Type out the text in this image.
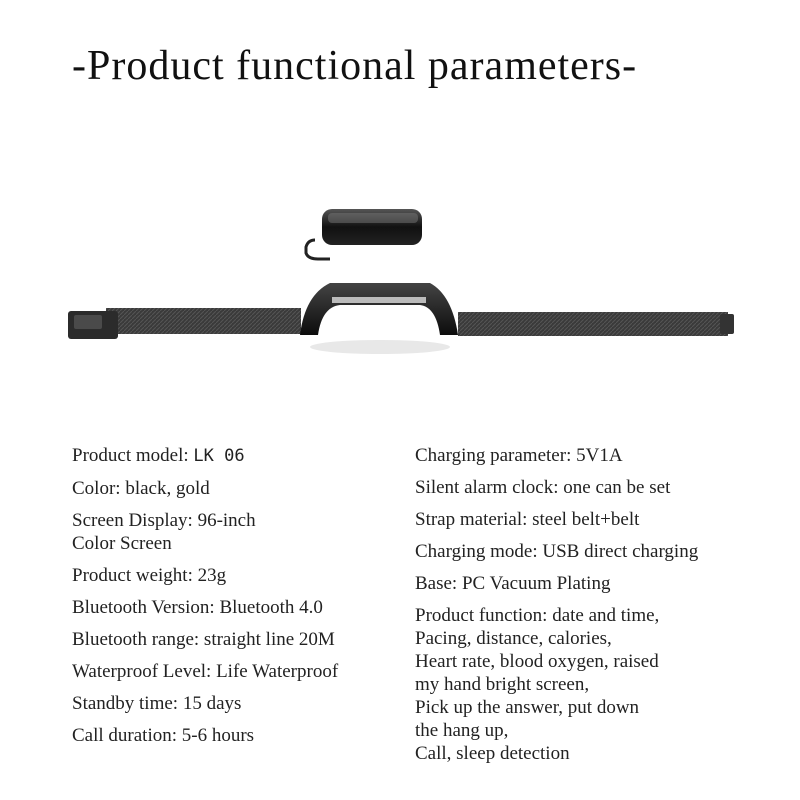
-Product functional parameters-
Product model: LK 06
Color: black, gold
Screen Display: 96-inch
Color Screen
Product weight: 23g
Bluetooth Version: Bluetooth 4.0
Bluetooth range: straight line 20M
Waterproof Level: Life Waterproof
Standby time: 15 days
Call duration: 5-6 hours
Charging parameter: 5V1A
Silent alarm clock: one can be set
Strap material: steel belt+belt
Charging mode: USB direct charging
Base: PC Vacuum Plating
Product function: date and time,
Pacing, distance, calories,
Heart rate, blood oxygen, raised
my hand bright screen,
Pick up the answer, put down
the hang up,
Call, sleep detection
